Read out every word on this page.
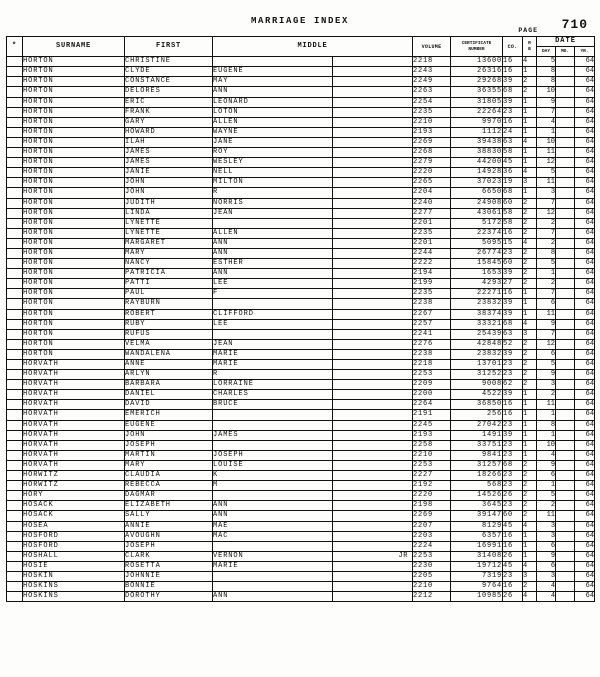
MARRIAGE INDEX
PAGE 710
*	SURNAME	FIRST	MIDDLE	VOLUME	CERTIFICATE
NUMBER	CO.	R
B
	DATE
									DAY	MO.	YR.
	HORTON	CHRISTINE			2218	13600	16	4	5		64
	HORTON	CLYDE	EUGENE		2243	26316	16	1	8		64
	HORTON	CONSTANCE	MAY		2249	29268	39	2	8		64
	HORTON	DELORES	ANN		2263	36355	68	2	10		64
	HORTON	ERIC	LEONARD		2254	31805	39	1	9		64
	HORTON	FRANK	LOTON		2235	22264	23	1	7		64
	HORTON	GARY	ALLEN		2210	9970	16	1	4		64
	HORTON	HOWARD	WAYNE		2193	1112	24	1	1		64
	HORTON	ILAH	JANE		2269	39438	63	4	10		64
	HORTON	JAMES	ROY		2268	38830	58	1	11		64
	HORTON	JAMES	WESLEY		2279	44200	45	1	12		64
	HORTON	JANIE	NELL		2220	14928	36	4	5		64
	HORTON	JOHN	MILTON		2265	37023	19	3	11		64
	HORTON	JOHN	R		2204	6650	68	1	3		64
	HORTON	JUDITH	NORRIS		2240	24908	60	2	7		64
	HORTON	LINDA	JEAN		2277	43061	58	2	12		64
	HORTON	LYNETTE			2201	5172	58	2	2		64
	HORTON	LYNETTE	ALLEN		2235	22374	16	2	7		64
	HORTON	MARGARET	ANN		2201	5095	15	4	2		64
	HORTON	MARY	ANN		2244	26774	23	2	8		64
	HORTON	NANCY	ESTHER		2222	15845	60	2	5		64
	HORTON	PATRICIA	ANN		2194	1653	39	2	1		64
	HORTON	PATTI	LEE		2199	4293	27	2	2		64
	HORTON	PAUL	F		2235	22271	16	1	7		64
	HORTON	RAYBURN			2238	23832	39	1	6		64
	HORTON	ROBERT	CLIFFORD		2267	38374	39	1	11		64
	HORTON	RUBY	LEE		2257	33321	68	4	9		64
	HORTON	RUFUS			2241	25439	63	3	7		64
	HORTON	VELMA	JEAN		2276	42848	52	2	12		64
	HORTON	WANDALENA	MARIE		2238	23832	39	2	6		64
	HORVATH	ANNE	MARIE		2218	13701	23	2	5		64
	HORVATH	ARLYN	R		2253	31252	23	2	9		64
	HORVATH	BARBARA	LORRAINE		2209	9008	62	2	3		64
	HORVATH	DANIEL	CHARLES		2200	4522	39	1	2		64
	HORVATH	DAVID	BRUCE		2264	36850	16	1	11		64
	HORVATH	EMERICH			2191	256	16	1	1		64
	HORVATH	EUGENE			2245	27042	23	1	8		64
	HORVATH	JOHN	JAMES		2193	1491	39	1	1		64
	HORVATH	JOSEPH			2258	33751	23	1	10		64
	HORVATH	MARTIN	JOSEPH		2210	9841	23	1	4		64
	HORVATH	MARY	LOUISE		2253	31257	68	2	9		64
	HORWITZ	CLAUDIA	K		2227	18266	23	2	6		64
	HORWITZ	REBECCA	M		2192	568	23	2	1		64
	HORY	DAGMAR			2220	14526	26	2	5		64
	HOSACK	ELIZABETH	ANN		2198	3645	23	2	2		64
	HOSACK	SALLY	ANN		2269	39147	60	2	11		64
	HOSEA	ANNIE	MAE		2207	8129	45	4	3		64
	HOSFORD	AVOUGHN	MAC		2203	6357	16	1	3		64
	HOSFORD	JOSEPH			2224	16991	16	1	6		64
	HOSHALL	CLARK	VERNON	JR	2253	31408	26	1	9		64
	HOSIE	ROSETTA	MARIE		2230	19712	45	4	6		64
	HOSKIN	JOHNNIE			2205	7319	23	3	3		64
	HOSKINS	BONNIE			2210	9764	16	2	4		64
	HOSKINS	DOROTHY	ANN		2212	10985	26	4	4		64
